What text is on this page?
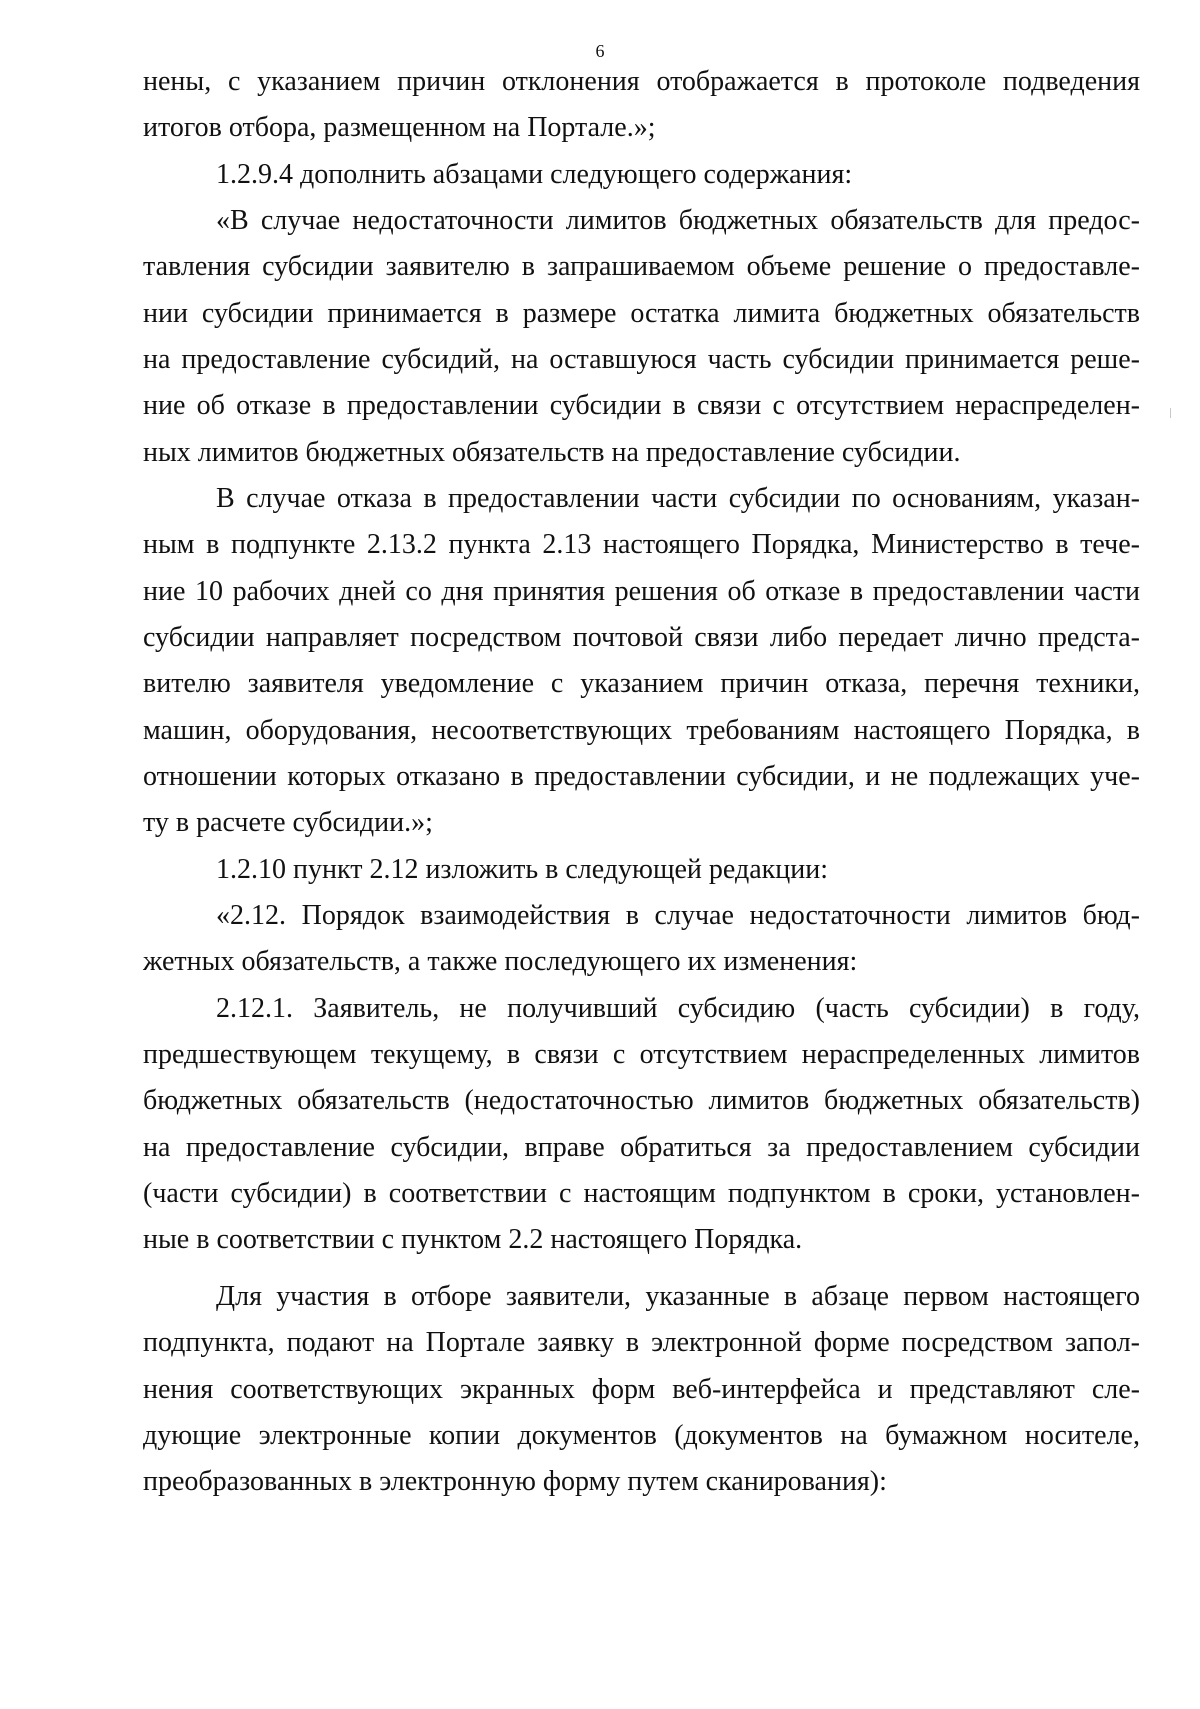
6
нены, с указанием причин отклонения отображается в протоколе подведения
итогов отбора, размещенном на Портале.»;
1.2.9.4 дополнить абзацами следующего содержания:
«В случае недостаточности лимитов бюджетных обязательств для предос-
тавления субсидии заявителю в запрашиваемом объеме решение о предоставле-
нии субсидии принимается в размере остатка лимита бюджетных обязательств
на предоставление субсидий, на оставшуюся часть субсидии принимается реше-
ние об отказе в предоставлении субсидии в связи с отсутствием нераспределен-
ных лимитов бюджетных обязательств на предоставление субсидии.
В случае отказа в предоставлении части субсидии по основаниям, указан-
ным в подпункте 2.13.2 пункта 2.13 настоящего Порядка, Министерство в тече-
ние 10 рабочих дней со дня принятия решения об отказе в предоставлении части
субсидии направляет посредством почтовой связи либо передает лично предста-
вителю заявителя уведомление с указанием причин отказа, перечня техники,
машин, оборудования, несоответствующих требованиям настоящего Порядка, в
отношении которых отказано в предоставлении субсидии, и не подлежащих уче-
ту в расчете субсидии.»;
1.2.10 пункт 2.12 изложить в следующей редакции:
«2.12. Порядок взаимодействия в случае недостаточности лимитов бюд-
жетных обязательств, а также последующего их изменения:
2.12.1. Заявитель, не получивший субсидию (часть субсидии) в году,
предшествующем текущему, в связи с отсутствием нераспределенных лимитов
бюджетных обязательств (недостаточностью лимитов бюджетных обязательств)
на предоставление субсидии, вправе обратиться за предоставлением субсидии
(части субсидии) в соответствии с настоящим подпунктом в сроки, установлен-
ные в соответствии с пунктом 2.2 настоящего Порядка.
Для участия в отборе заявители, указанные в абзаце первом настоящего
подпункта, подают на Портале заявку в электронной форме посредством запол-
нения соответствующих экранных форм веб-интерфейса и представляют сле-
дующие электронные копии документов (документов на бумажном носителе,
преобразованных в электронную форму путем сканирования):
